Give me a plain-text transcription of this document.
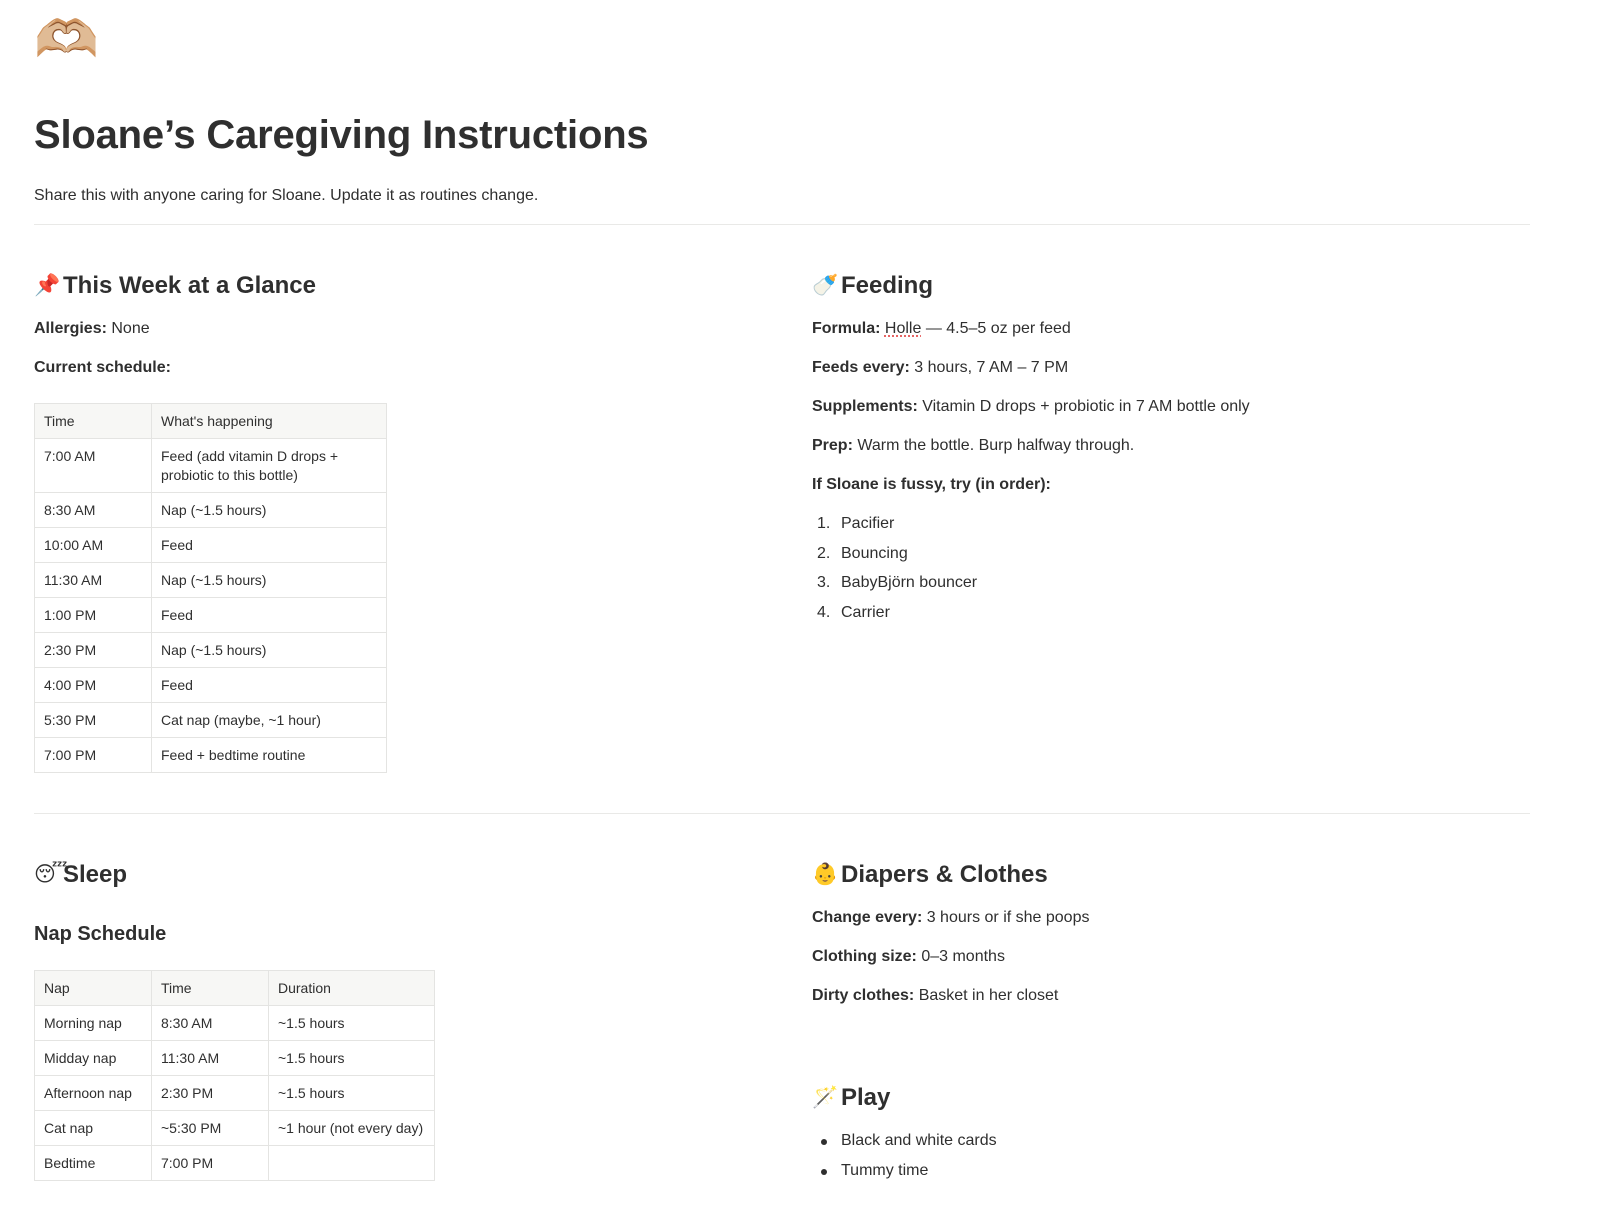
🫶🏼
Sloane’s Caregiving Instructions
Share this with anyone caring for Sloane. Update it as routines change.
📌 This Week at a Glance
Allergies: None
Current schedule:
Time	What's happening
7:00 AM	Feed (add vitamin D drops + probiotic to this bottle)
8:30 AM	Nap (~1.5 hours)
10:00 AM	Feed
11:30 AM	Nap (~1.5 hours)
1:00 PM	Feed
2:30 PM	Nap (~1.5 hours)
4:00 PM	Feed
5:30 PM	Cat nap (maybe, ~1 hour)
7:00 PM	Feed + bedtime routine
🍼 Feeding
Formula: Holle — 4.5–5 oz per feed
Feeds every: 3 hours, 7 AM – 7 PM
Supplements: Vitamin D drops + probiotic in 7 AM bottle only
Prep: Warm the bottle. Burp halfway through.
If Sloane is fussy, try (in order):
1. Pacifier
2. Bouncing
3. BabyBjörn bouncer
4. Carrier
😴
Sleep
Nap Schedule
Nap	Time	Duration
Morning nap	8:30 AM	~1.5 hours
Midday nap	11:30 AM	~1.5 hours
Afternoon nap	2:30 PM	~1.5 hours
Cat nap	~5:30 PM	~1 hour (not every day)
Bedtime	7:00 PM	
👶 Diapers & Clothes
Change every: 3 hours or if she poops
Clothing size: 0–3 months
Dirty clothes: Basket in her closet
🪄 Play
Black and white cards
Tummy time
